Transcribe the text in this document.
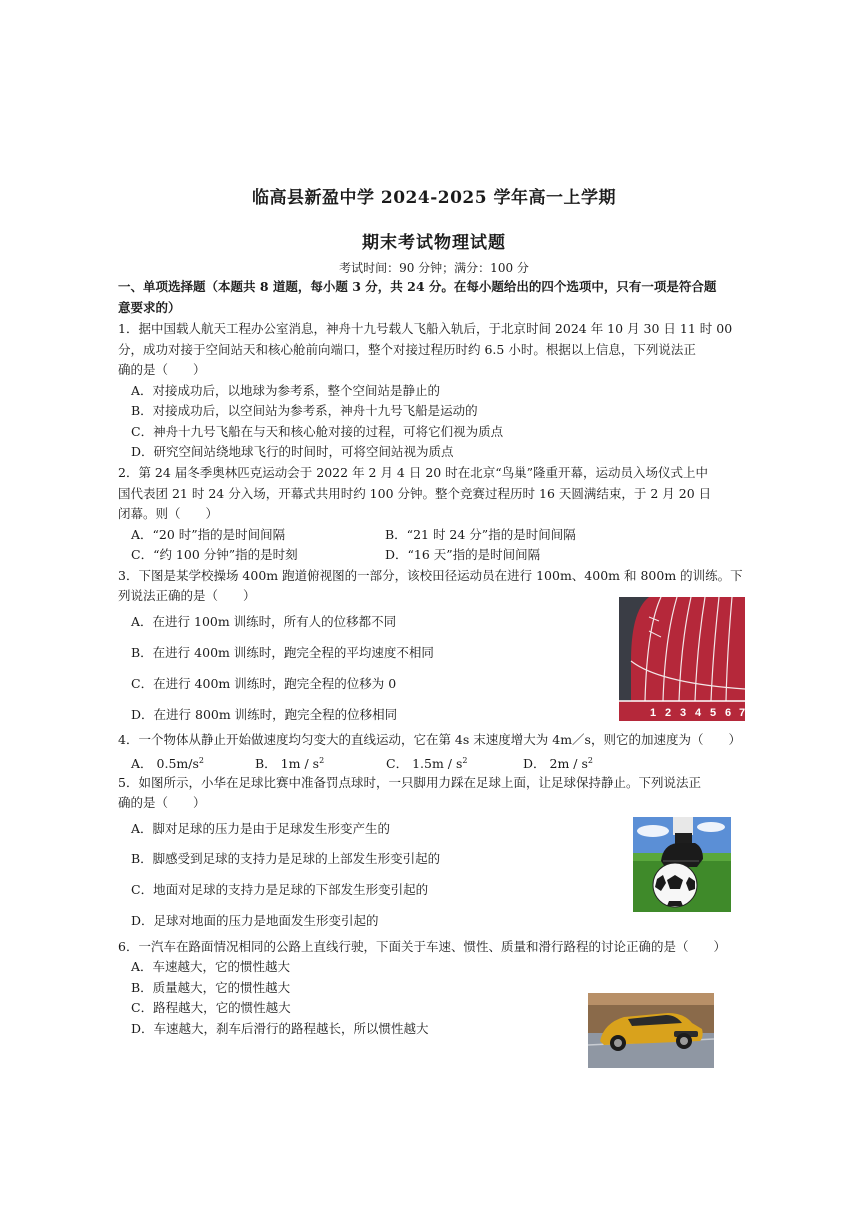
临高县新盈中学 2024-2025 学年高一上学期
期末考试物理试题
考试时间：90 分钟；满分：100 分
一、单项选择题（本题共 8 道题，每小题 3 分，共 24 分。在每小题给出的四个选项中，只有一项是符合题
意要求的）
1．据中国载人航天工程办公室消息，神舟十九号载人飞船入轨后，于北京时间 2024 年 10 月 30 日 11 时 00
分，成功对接于空间站天和核心舱前向端口，整个对接过程历时约 6.5 小时。根据以上信息，下列说法正
确的是（　　）
A．对接成功后，以地球为参考系，整个空间站是静止的
B．对接成功后，以空间站为参考系，神舟十九号飞船是运动的
C．神舟十九号飞船在与天和核心舱对接的过程，可将它们视为质点
D．研究空间站绕地球飞行的时间时，可将空间站视为质点
2．第 24 届冬季奥林匹克运动会于 2022 年 2 月 4 日 20 时在北京“鸟巢”隆重开幕，运动员入场仪式上中
国代表团 21 时 24 分入场，开幕式共用时约 100 分钟。整个竞赛过程历时 16 天圆满结束，于 2 月 20 日
闭幕。则（　　）
A．“20 时”指的是时间间隔	B．“21 时 24 分”指的是时间间隔
C．“约 100 分钟”指的是时刻	D．“16 天”指的是时间间隔
3．下图是某学校操场 400m 跑道俯视图的一部分，该校田径运动员在进行 100m、400m 和 800m 的训练。下
列说法正确的是（　　）
A．在进行 100m 训练时，所有人的位移都不同
B．在进行 400m 训练时，跑完全程的平均速度不相同
C．在进行 400m 训练时，跑完全程的位移为 0
D．在进行 800m 训练时，跑完全程的位移相同	1 2 3 4 5 6 7
4．一个物体从静止开始做速度均匀变大的直线运动，它在第 4s 末速度增大为 4m／s，则它的加速度为（　　）
A． $0.5m/s^2$	B． $1m / s^2$	C． $1.5m / s^2$	D． $2m / s^2$
5．如图所示，小华在足球比赛中准备罚点球时，一只脚用力踩在足球上面，让足球保持静止。下列说法正
确的是（　　）
A．脚对足球的压力是由于足球发生形变产生的
B．脚感受到足球的支持力是足球的上部发生形变引起的
C．地面对足球的支持力是足球的下部发生形变引起的
D．足球对地面的压力是地面发生形变引起的
6．一汽车在路面情况相同的公路上直线行驶，下面关于车速、惯性、质量和滑行路程的讨论正确的是（　　）
A．车速越大，它的惯性越大
B．质量越大，它的惯性越大
C．路程越大，它的惯性越大
D．车速越大，刹车后滑行的路程越长，所以惯性越大
